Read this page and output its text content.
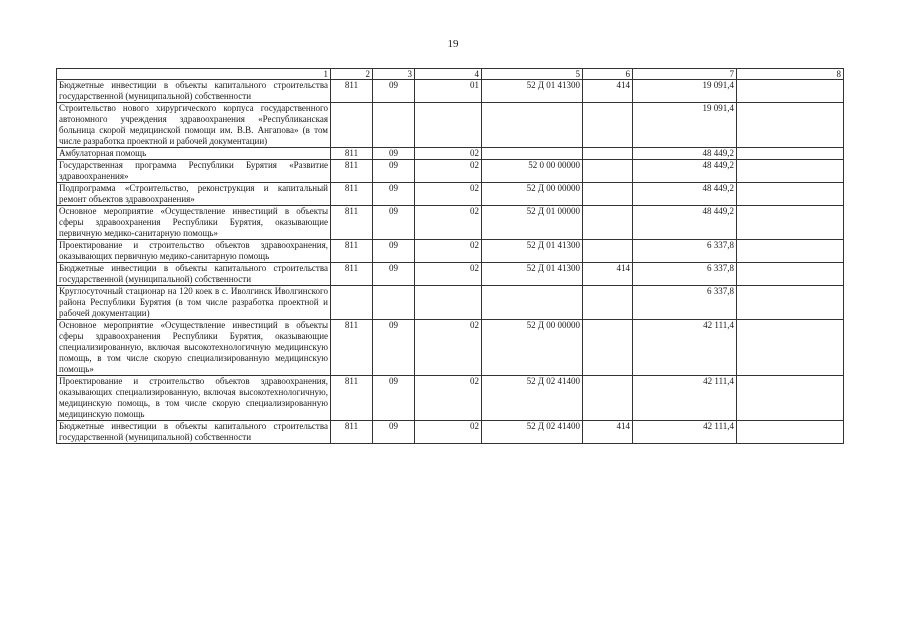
19
1	2	3	4	5	6	7	8
Бюджетные инвестиции в объекты капитального строительства государственной (муниципальной) собственности	811	09	01	52 Д 01 41300	414	19 091,4	
Строительство нового хирургического корпуса государственного автономного учреждения здравоохранения «Республиканская больница скорой медицинской помощи им. В.В. Ангапова» (в том числе разработка проектной и рабочей документации)						19 091,4	
Амбулаторная помощь	811	09	02			48 449,2	
Государственная программа Республики Бурятия «Развитие здравоохранения»	811	09	02	52 0 00 00000		48 449,2	
Подпрограмма «Строительство, реконструкция и капитальный ремонт объектов здравоохранения»	811	09	02	52 Д 00 00000		48 449,2	
Основное мероприятие «Осуществление инвестиций в объекты сферы здравоохранения Республики Бурятия, оказывающие первичную медико-санитарную помощь»	811	09	02	52 Д 01 00000		48 449,2	
Проектирование и строительство объектов здравоохранения, оказывающих первичную медико-санитарную помощь	811	09	02	52 Д 01 41300		6 337,8	
Бюджетные инвестиции в объекты капитального строительства государственной (муниципальной) собственности	811	09	02	52 Д 01 41300	414	6 337,8	
Круглосуточный стационар на 120 коек в с. Иволгинск Иволгинского района Республики Бурятия (в том числе разработка проектной и рабочей документации)						6 337,8	
Основное мероприятие «Осуществление инвестиций в объекты сферы здравоохранения Республики Бурятия, оказывающие специализированную, включая высокотехнологичную медицинскую помощь, в том числе скорую специализированную медицинскую помощь»	811	09	02	52 Д 00 00000		42 111,4	
Проектирование и строительство объектов здравоохранения, оказывающих специализированную, включая высокотехнологичную, медицинскую помощь, в том числе скорую специализированную медицинскую помощь	811	09	02	52 Д 02 41400		42 111,4	
Бюджетные инвестиции в объекты капитального строительства государственной (муниципальной) собственности	811	09	02	52 Д 02 41400	414	42 111,4	
